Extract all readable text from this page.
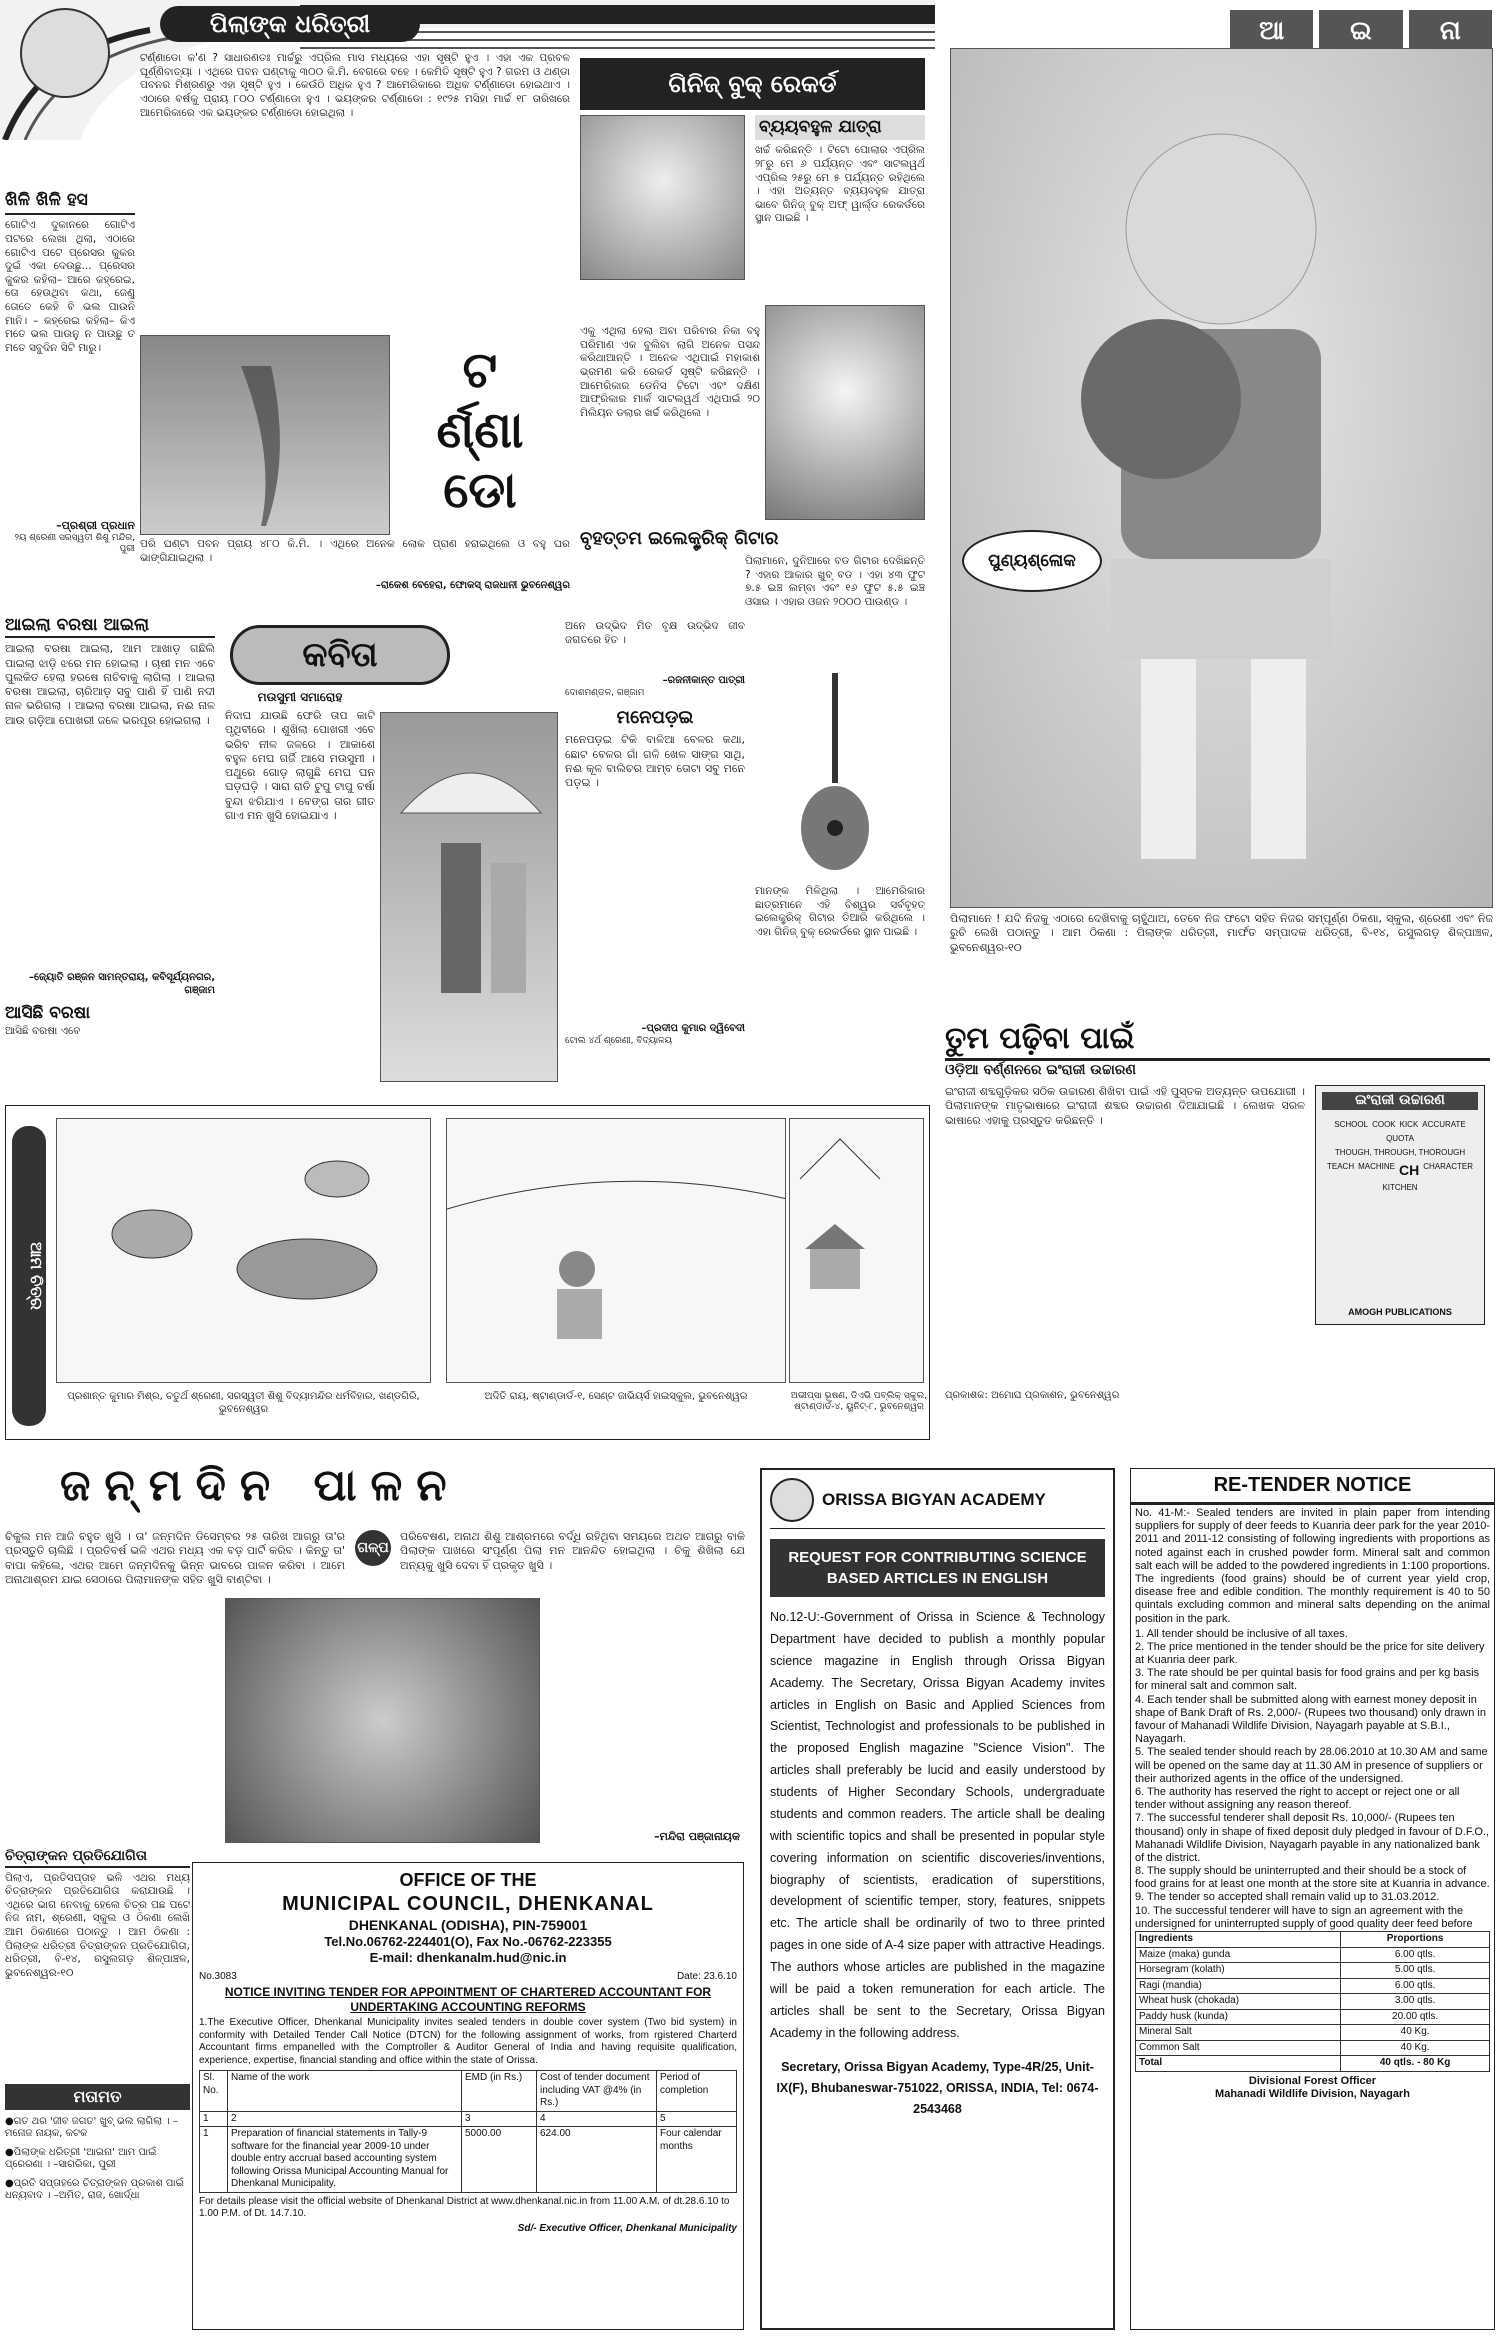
ପିଲାଙ୍କ ଧରିତ୍ରୀ	ଆ	ଇ	ନା
ଖିଳି ଖିଳି ହସ
ଗୋଟିଏ ଦୁକାନରେ ଗୋଟିଏ ପଟରେ ଲେଖା ଥିଲା, ଏଠାରେ ଗୋଟିଏ ପଟେ ପ୍ରେସର କୁକର ଦୁଇଁ ଏକା ଦେଉଛୁ... ପ୍ରେସର କୁକର କହିଲା– ଆରେ କହ୍ରେଇ, ତୋ ହେଉଥିବା କଥା, ଜେଣୁ ତୋତେ କେହି ବି ଭଲ ପାଉନି ମାନି। – କହ୍ରେଇ କହିଲା– କିଏ ମତେ ଭଲ ପାଉନୁ ନ ପାଉଛୁ ତ ମତେ ସବୁଦିନ ସିଟି ମାରୁ।
–ପ୍ରଶ୍ରୀ ପ୍ରଧାନ
୨ୟ ଶ୍ରେଣୀ ସରସ୍ୱତୀ ଶିଶୁ ମନ୍ଦିର, ପୁରୀ
ଟର୍ଣ୍ଣାଡୋ କ'ଣ ? ସାଧାରଣତଃ ମାର୍ଚ୍ଚରୁ ଏପ୍ରିଲ ମାସ ମଧ୍ୟରେ ଏହା ସୃଷ୍ଟି ହୁଏ । ଏହା ଏକ ପ୍ରବଳ ଘୂର୍ଣ୍ଣିବାତ୍ୟା । ଏଥିରେ ପବନ ଘଣ୍ଟାକୁ ୩୦୦ କି.ମି. ବେଗରେ ବହେ । କେମିତି ସୃଷ୍ଟି ହୁଏ ? ଗରମ ଓ ଥଣ୍ଡା ପବନର ମିଶ୍ରଣରୁ ଏହା ସୃଷ୍ଟି ହୁଏ । କେଉଁଠି ଅଧିକ ହୁଏ ? ଆମେରିକାରେ ଅଧିକ ଟର୍ଣ୍ଣାଡୋ ହୋଇଥାଏ । ଏଠାରେ ବର୍ଷକୁ ପ୍ରାୟ ୮୦୦ ଟର୍ଣ୍ଣାଡୋ ହୁଏ । ଭୟଙ୍କର ଟର୍ଣ୍ଣାଡୋ : ୧୯୨୫ ମସିହା ମାର୍ଚ୍ଚ ୧୮ ତାରିଖରେ ଆମେରିକାରେ ଏକ ଭୟଙ୍କର ଟର୍ଣ୍ଣାଡୋ ହୋଇଥିଲା ।
ଟ
ର୍ଣ୍ଣା
ଡୋ
ପରି ଘଣ୍ଟା ପବନ ପ୍ରାୟ ୪୮୦ କି.ମି. । ଏଥିରେ ଅନେକ ଲୋକ ପ୍ରାଣ ହରାଇଥିଲେ ଓ ବହୁ ଘର ଭାଙ୍ଗିଯାଇଥିଲା ।
–ରାକେଶ ବେହେରା, ଫୋକସ୍ ରାଜଧାନୀ ଭୁବନେଶ୍ୱର
ଗିନିଜ୍ ବୁକ୍ ରେକର୍ଡ
ବ୍ୟୟବହୁଳ ଯାତ୍ରା
ଖର୍ଚ୍ଚ କରିଛନ୍ତି । ଟିଟୋ ପୋଲାର ଏପ୍ରିଲ ୨୮ରୁ ମେ ୬ ପର୍ଯ୍ୟନ୍ତ ଏବଂ ସାଟଲୱର୍ଥ ଏପ୍ରିଲ ୨୫ରୁ ମେ ୫ ପର୍ଯ୍ୟନ୍ତ ରହିଥିଲେ । ଏହା ଅତ୍ୟନ୍ତ ବ୍ୟୟବହୁଳ ଯାତ୍ରା ଭାବେ ଗିନିଜ୍ ବୁକ୍ ଅଫ୍ ୱାର୍ଲ୍ଡ ରେକର୍ଡରେ ସ୍ଥାନ ପାଇଛି ।
ଏକୁ ଏଥିଲା ହେଲା ଅବା ପରିବାର ନିକା ବହୁ ପରିମାଣ ଏକ ବୁଲିବା ଲାଗି ଅନେକ ପସନ୍ଦ କରିଥାଆନ୍ତି । ଅନେକ ଏଥିପାଇଁ ମହାକାଶ ଭ୍ରମଣ କରି ରେକର୍ଡ ସୃଷ୍ଟି କରିଛନ୍ତି । ଆମେରିକାର ଡେନିସ ଟିଟୋ ଏବଂ ଦକ୍ଷିଣ ଆଫ୍ରିକାର ମାର୍କ ସାଟଲୱର୍ଥ ଏଥିପାଇଁ ୨୦ ମିଲିୟନ ଡଲାର ଖର୍ଚ୍ଚ କରିଥିଲେ ।
ବୃହତ୍ତମ ଇଲେକ୍ଟ୍ରିକ୍ ଗିଟାର
ପିଲାମାନେ, ଦୁନିଆରେ ବଡ ଗିଟାର ଦେଖିଛନ୍ତି ? ଏହାର ଆକାର ଖୁବ୍ ବଡ । ଏହା ୪୩ ଫୁଟ ୭.୫ ଇଞ୍ଚ ଲମ୍ବା ଏବଂ ୧୬ ଫୁଟ ୫.୫ ଇଞ୍ଚ ଓସାର । ଏହାର ଓଜନ ୨୦୦୦ ପାଉଣ୍ଡ ।
ମାନଙ୍କ ମିଳିଥିଲା । ଆମେରିକାର ଛାତ୍ରମାନେ ଏହି ବିଶ୍ୱର ସର୍ବବୃହତ୍ ଇଲେକ୍ଟ୍ରିକ୍ ଗିଟାର ତିଆରି କରିଥିଲେ । ଏହା ଗିନିଜ୍ ବୁକ୍ ରେକର୍ଡରେ ସ୍ଥାନ ପାଇଛି ।
ପୁଣ୍ୟଶ୍ଳୋକ
ପିଲାମାନେ ! ଯଦି ନିଜକୁ ଏଠାରେ ଦେଖିବାକୁ ଚାହୁଁଥାଅ, ତେବେ ନିଜ ଫଟୋ ସହିତ ନିଜର ସମ୍ପୂର୍ଣ୍ଣ ଠିକଣା, ସ୍କୁଲ, ଶ୍ରେଣୀ ଏବଂ ନିଜ ରୁଚି ଲେଖି ପଠାନ୍ତୁ । ଆମ ଠିକଣା : ପିଲାଙ୍କ ଧରିତ୍ରୀ, ମାର୍ଫତ ସମ୍ପାଦକ ଧରିତ୍ରୀ, ବି-୧୪, ରସୁଲଗଡ଼ ଶିଳ୍ପାଞ୍ଚଳ, ଭୁବନେଶ୍ୱର-୧୦
ଆଇଲା ବରଷା ଆଇଲା
ଆଇଲା ବରଷା ଆଇଲା, ଆମ ଆଖାଡ଼ ଗଛିଲି ପାଇଲା ଝାଡ଼ି ଝରେ ମନ ହୋଇଲା । ଚାଷୀ ମନ ଏବେ ପୁଲକିତ ହେଲା ହରଷେ ନାଚିବାକୁ ଲାଗିଲା । ଆଇଲା ବରଷା ଆଇଲା, ଚାରିଆଡ଼ ସବୁ ପାଣି ହିଁ ପାଣି ନଦୀ ନାଳ ଭରିଗଲା । ଆଇଲା ବରଷା ଆଇଲା, ନଈ ନାଳ ଆଉ ଗଡ଼ିଆ ପୋଖରୀ ଜଳେ ଭରପୂର ହୋଇଗଲା ।
–ଜ୍ୟୋତି ରଞ୍ଜନ ସାମନ୍ତରାୟ, କବିସୂର୍ଯ୍ୟନଗର, ଗଞ୍ଜାମ
ଆସିଛି ବରଷା
ଆସିଛି ବରଷା ଏବେ
କବିତା
ମଉସୁମୀ ସମାରୋହ
ନିଦାଘ ଯାଉଛି ଫେରି ତାପ କାଟି ପୃଥିବୀରେ । ଶୁଖିଲା ପୋଖରୀ ଏବେ ଭରିବ ନୀଳ ଜଳରେ । ଆକାଶେ ବହୁଳ ମେଘ ଗର୍ଜି ଆସେ ମଉସୁମୀ । ପଥୁରେ ଗୋଡ଼ ଲାଗୁଛି ମେଘ ଘନ ଘଡ଼ଘଡ଼ି । ସାରା ରାତି ଟୁପୁ ଟାପୁ ବର୍ଷା ବୁନ୍ଦା ଝରିଯାଏ । ବେଙ୍ଗ ତାର ଗୀତ ଗାଏ ମନ ଖୁସି ହୋଇଯାଏ ।
ଅନେ ଉଦ୍ଭିଦ ମିତ ବୃକ୍ଷ ଉଦ୍ଭିଦ ଜୀବ ଜଗତରେ ହିତ ।
–ରଜନୀକାନ୍ତ ପାତ୍ରୀ
ଦୋଶମଣ୍ଡଳ, ଗଞ୍ଜାମ
ମନେପଡ଼ଇ
ମନେପଡ଼ଇ ଟିକି ବାଳିଆ ବେଳର କଥା, ଛୋଟ ବେଳର ଗାଁ ଗଳି ଖେଳ ସାଙ୍ଗ ସାଥି, ନଈ କୂଳ ବାଲିଚର ଆମ୍ବ ତୋଟା ସବୁ ମନେ ପଡ଼ଇ ।
–ପ୍ରଦୀପ କୁମାର ଦ୍ୱିବେଦୀ
ଟୋଲ ୪ର୍ଥ ଶ୍ରେଣୀ, ବିଦ୍ୟାଳୟ	ତୁମ ପଢ଼ିବା ପାଇଁ
ଓଡ଼ିଆ ବର୍ଣ୍ଣନରେ ଇଂରାଜୀ ଉଚ୍ଚାରଣ
ଇଂରାଜୀ ଶବ୍ଦଗୁଡ଼ିକର ସଠିକ ଉଚ୍ଚାରଣ ଶିଖିବା ପାଇଁ ଏହି ପୁସ୍ତକ ଅତ୍ୟନ୍ତ ଉପଯୋଗୀ । ପିଲାମାନଙ୍କ ମାତୃଭାଷାରେ ଇଂରାଜୀ ଶବ୍ଦର ଉଚ୍ଚାରଣ ଦିଆଯାଇଛି । ଲେଖକ ସରଳ ଭାଷାରେ ଏହାକୁ ପ୍ରସ୍ତୁତ କରିଛନ୍ତି ।
ପ୍ରକାଶକ: ଅମୋଘ ପ୍ରକାଶନ, ଭୁବନେଶ୍ୱର
ଇଂରାଜୀ ଉଚ୍ଚାରଣ
SCHOOL COOK KICK ACCURATE
QUOTA
THOUGH, THROUGH, THOROUGH
TEACH MACHINE CH CHARACTER
KITCHEN
AMOGH PUBLICATIONS
ଆମ ଚିତ୍ର
ପ୍ରଶାନ୍ତ କୁମାର ମିଶ୍ର, ଚତୁର୍ଥ ଶ୍ରେଣୀ, ସରସ୍ୱତୀ ଶିଶୁ ବିଦ୍ୟାମନ୍ଦିର ଧର୍ମବିହାର, ଖଣ୍ଡଗିରି, ଭୁବନେଶ୍ୱର
ଅଦିତି ରାୟ, ଷ୍ଟାଣ୍ଡାର୍ଡ-୧, ସେଣ୍ଟ ଜାଭିୟର୍ସ ହାଇସ୍କୁଲ, ଭୁବନେଶ୍ୱର	ଅଭୀପ୍ସା ଭୂଷଣ, ଡିଏଭି ପବ୍ଲିକ୍ ସ୍କୁଲ, ଷ୍ଟାଣ୍ଡାର୍ଡ-୪, ୟୁନିଟ୍-୮, ଭୁବନେଶ୍ୱର
ଜନ୍ମଦିନ ପାଳନ
ଗଳ୍ପ
ଚିକୁଲ ମନ ଆଜି ବହୁତ ଖୁସି । ତା' ଜନ୍ମଦିନ ଡିସେମ୍ବର ୨୫ ତାରିଖ ଆଗରୁ ତା'ର ପ୍ରସ୍ତୁତି ଚାଲିଛି । ପ୍ରତିବର୍ଷ ଭଳି ଏଥର ମଧ୍ୟ ଏକ ବଡ଼ ପାର୍ଟି କରିବ । କିନ୍ତୁ ତା' ବାପା କହିଲେ, ଏଥର ଆମେ ଜନ୍ମଦିନକୁ ଭିନ୍ନ ଭାବରେ ପାଳନ କରିବା । ଆମେ ଅନାଥାଶ୍ରମ ଯାଇ ସେଠାରେ ପିଲାମାନଙ୍କ ସହିତ ଖୁସି ବାଣ୍ଟିବା ।
ପରିବେଷଣ, ଅନାଥ ଶିଶୁ ଆଶ୍ରମରେ ବର୍ଦ୍ଧି ରହିଥିବା ସମୟରେ ଅଥଚ ଆଗରୁ ବାକି ପିଲାଙ୍କ ପାଖରେ ସଂପୂର୍ଣ୍ଣ ପିଲା ମନ ଆନନ୍ଦିତ ହୋଇଥିଲା । ଚିକୁ ଶିଖିଲା ଯେ ଅନ୍ୟକୁ ଖୁସି ଦେବା ହିଁ ପ୍ରକୃତ ଖୁସି ।
–ମନ୍ଦିରା ପଞ୍ଜାନାୟକ
ଚିତ୍ରାଙ୍କନ ପ୍ରତିଯୋଗିତା
ପିଲାଏ, ପ୍ରତିସପ୍ତାହ ଭଳି ଏଥର ମଧ୍ୟ ଚିତ୍ରାଙ୍କନ ପ୍ରତିଯୋଗିତା କରାଯାଉଛି । ଏଥିରେ ଭାଗ ନେବାକୁ ହେଲେ ଚିତ୍ର ପଛ ପଟେ ନିଜ ନାମ, ଶ୍ରେଣୀ, ସ୍କୁଲ ଓ ଠିକଣା ଲେଖି ଆମ ଠିକଣାରେ ପଠାନ୍ତୁ । ଆମ ଠିକଣା : ପିଲାଙ୍କ ଧରିତ୍ରୀ ଚିତ୍ରାଙ୍କନ ପ୍ରତିଯୋଗିତା, ଧରିତ୍ରୀ, ବି-୧୪, ରସୁଲଗଡ଼ ଶିଳ୍ପାଞ୍ଚଳ, ଭୁବନେଶ୍ୱର-୧୦
ମତାମତ
●ଗତ ଥର 'ଜୀବ ଜଗତ' ଖୁବ୍ ଭଲ ଲାଗିଲା । –ମନୋଜ ନାୟକ, କଟକ
●ପିଲାଙ୍କ ଧରିତ୍ରୀ 'ଆଇନା' ଆମ ପାଇଁ ପ୍ରେରଣା । –ସାଗରିକା, ପୁରୀ
●ପ୍ରତି ସପ୍ତାହରେ ଚିତ୍ରାଙ୍କନ ପ୍ରକାଶ ପାଇଁ ଧନ୍ୟବାଦ । –ଅମିତ, ରାଜ, ଖୋର୍ଦ୍ଧା
OFFICE OF THE
MUNICIPAL COUNCIL, DHENKANAL
DHENKANAL (ODISHA), PIN-759001
Tel.No.06762-224401(O), Fax No.-06762-223355
E-mail: dhenkanalm.hud@nic.in
No.3083	Date: 23.6.10
NOTICE INVITING TENDER FOR APPOINTMENT OF CHARTERED ACCOUNTANT FOR UNDERTAKING ACCOUNTING REFORMS
1.The Executive Officer, Dhenkanal Municipality invites sealed tenders in double cover system (Two bid system) in conformity with Detailed Tender Call Notice (DTCN) for the following assignment of works, from rgistered Charterd Accountant firms empanelled with the Comptroller & Auditor General of India and having requisite qualification, experience, expertise, financial standing and office within the state of Orissa.
Sl. No.	Name of the work	EMD (in Rs.)	Cost of tender document including VAT @4% (in Rs.)	Period of completion
1	2	3	4	5
1	Preparation of financial statements in Tally-9 software for the financial year 2009-10 under double entry accrual based accounting system following Orissa Municipal Accounting Manual for Dhenkanal Municipality.	5000.00	624.00	Four calendar months
For details please visit the official website of Dhenkanal District at www.dhenkanal.nic.in from 11.00 A.M. of dt.28.6.10 to 1.00 P.M. of Dt. 14.7.10.
Sd/- Executive Officer, Dhenkanal Municipality
ORISSA BIGYAN ACADEMY
REQUEST FOR CONTRIBUTING SCIENCE BASED ARTICLES IN ENGLISH
No.12-U:-Government of Orissa in Science & Technology Department have decided to publish a monthly popular science magazine in English through Orissa Bigyan Academy. The Secretary, Orissa Bigyan Academy invites articles in English on Basic and Applied Sciences from Scientist, Technologist and professionals to be published in the proposed English magazine "Science Vision". The articles shall preferably be lucid and easily understood by students of Higher Secondary Schools, undergraduate students and common readers. The article shall be dealing with scientific topics and shall be presented in popular style covering information on scientific discoveries/inventions, biography of scientists, eradication of superstitions, development of scientific temper, story, features, snippets etc. The article shall be ordinarily of two to three printed pages in one side of A-4 size paper with attractive Headings. The authors whose articles are published in the magazine will be paid a token remuneration for each article. The articles shall be sent to the Secretary, Orissa Bigyan Academy in the following address.
Secretary, Orissa Bigyan Academy, Type-4R/25, Unit-IX(F), Bhubaneswar-751022, ORISSA, INDIA, Tel: 0674-2543468
RE-TENDER NOTICE
No. 41-M:- Sealed tenders are invited in plain paper from intending suppliers for supply of deer feeds to Kuanria deer park for the year 2010-2011 and 2011-12 consisting of following ingredients with proportions as noted against each in crushed powder form. Mineral salt and common salt each will be added to the powdered ingredients in 1:100 proportions. The ingredients (food grains) should be of current year yield crop, disease free and edible condition. The monthly requirement is 40 to 50 quintals excluding common and mineral salts depending on the animal position in the park.
1. All tender should be inclusive of all taxes.
2. The price mentioned in the tender should be the price for site delivery at Kuanria deer park.
3. The rate should be per quintal basis for food grains and per kg basis for mineral salt and common salt.
4. Each tender shall be submitted along with earnest money deposit in shape of Bank Draft of Rs. 2,000/- (Rupees two thousand) only drawn in favour of Mahanadi Wildlife Division, Nayagarh payable at S.B.I., Nayagarh.
5. The sealed tender should reach by 28.06.2010 at 10.30 AM and same will be opened on the same day at 11.30 AM in presence of suppliers or their authorized agents in the office of the undersigned.
6. The authority has reserved the right to accept or reject one or all tender without assigning any reason thereof.
7. The successful tenderer shall deposit Rs. 10,000/- (Rupees ten thousand) only in shape of fixed deposit duly pledged in favour of D.F.O., Mahanadi Wildlife Division, Nayagarh payable in any nationalized bank of the district.
8. The supply should be uninterrupted and their should be a stock of food grains for at least one month at the store site at Kuanria in advance.
9. The tender so accepted shall remain valid up to 31.03.2012.
10. The successful tenderer will have to sign an agreement with the undersigned for uninterrupted supply of good quality deer feed before
Ingredients	Proportions
Maize (maka) gunda	6.00 qtls.
Horsegram (kolath)	5.00 qtls.
Ragi (mandia)	6.00 qtls.
Wheat husk (chokada)	3.00 qtls.
Paddy husk (kunda)	20.00 qtls.
Mineral Salt	40 Kg.
Common Salt	40 Kg.
Total	40 qtls. - 80 Kg
Divisional Forest Officer
Mahanadi Wildlife Division, Nayagarh
